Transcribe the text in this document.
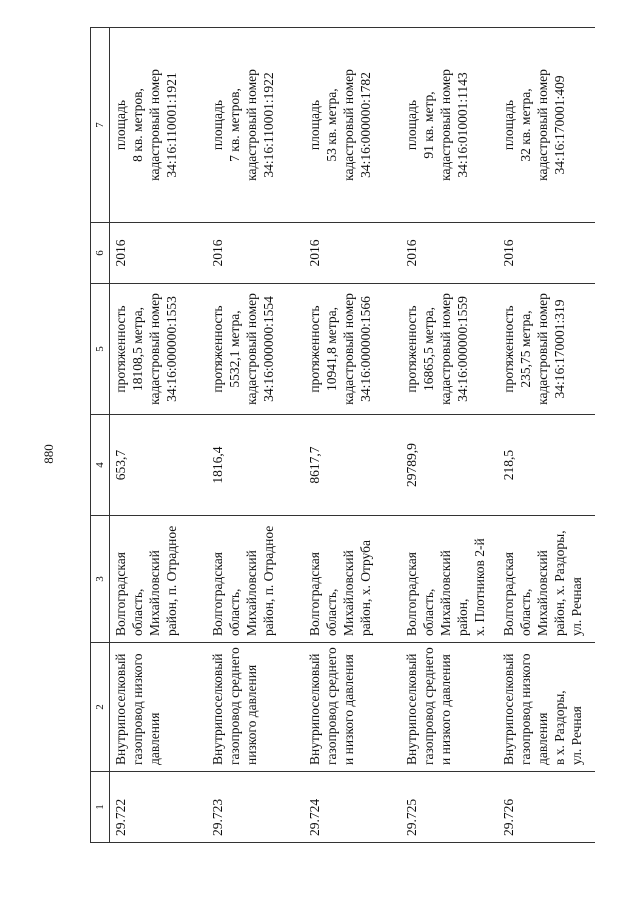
880
1	2	3	4	5	6	7
29.722	Внутрипоселковый газопровод низкого давления	Волгоградская область, Михайловский район, п. Отрадное	653,7	протяженность 18108,5 метра, кадастровый номер 34:16:000000:1553	2016	площадь 8 кв. метров, кадастровый номер 34:16:110001:1921

29.723	Внутрипоселковый газопровод среднего низкого давления	Волгоградская область, Михайловский район, п. Отрадное	1816,4	протяженность 5532,1 метра, кадастровый номер 34:16:000000:1554	2016	площадь 7 кв. метров, кадастровый номер 34:16:110001:1922

29.724	Внутрипоселковый газопровод среднего и низкого давления	Волгоградская область, Михайловский район, х. Отруба	8617,7	протяженность 10941,8 метра, кадастровый номер 34:16:000000:1566	2016	площадь 53 кв. метра, кадастровый номер 34:16:000000:1782

29.725	Внутрипоселковый газопровод среднего и низкого давления	Волгоградская область, Михайловский район, х. Плотников 2-й	29789,9	протяженность 16865,5 метра, кадастровый номер 34:16:000000:1559	2016	площадь 91 кв. метр, кадастровый номер 34:16:010001:1143

29.726	Внутрипоселковый газопровод низкого давления в х. Раздоры, ул. Речная	Волгоградская область, Михайловский район, х. Раздоры, ул. Речная	218,5	протяженность 235,75 метра, кадастровый номер 34:16:170001:319	2016	площадь 32 кв. метра, кадастровый номер 34:16:170001:409
